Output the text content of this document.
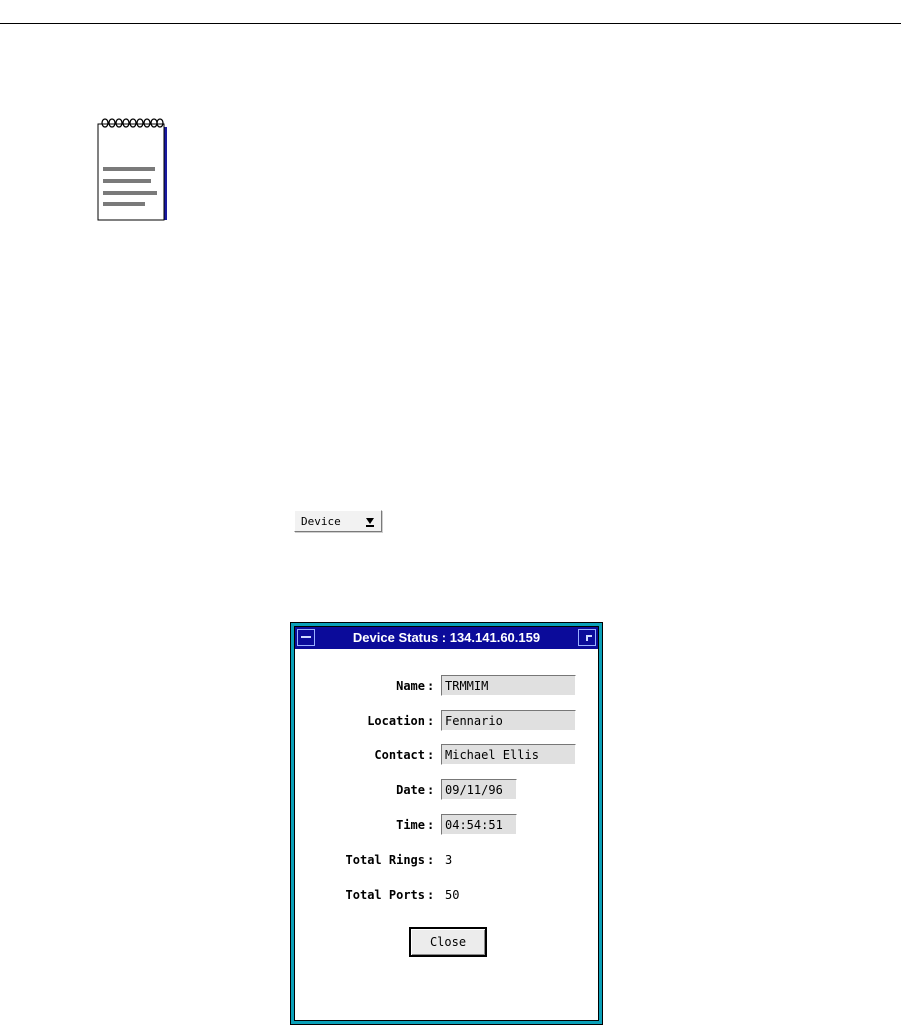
Device
Device Status : 134.141.60.159
Name : TRMMIM
Location : Fennario
Contact : Michael Ellis
Date : 09/11/96
Time : 04:54:51
Total Rings : 3
Total Ports : 50
Close
